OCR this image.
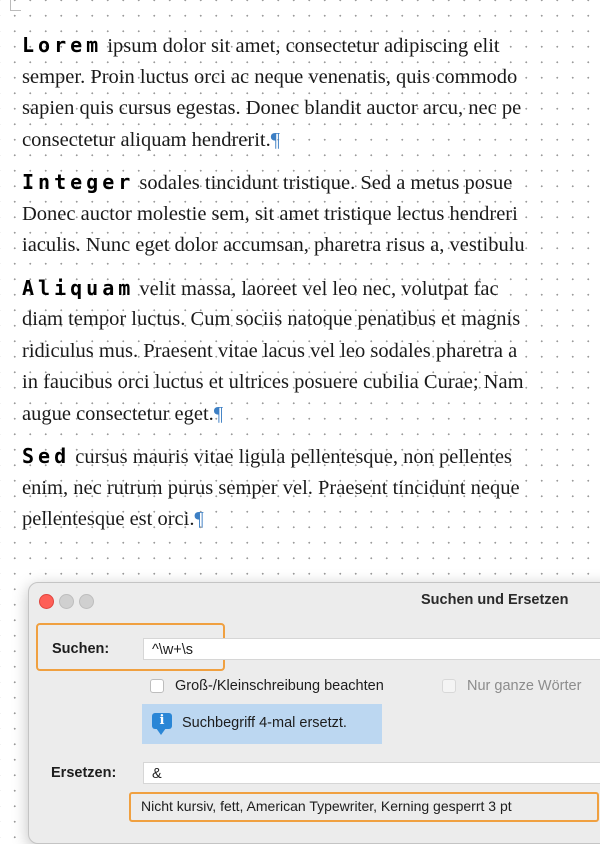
Lorem ipsum dolor sit amet, consectetur adipiscing elit
semper. Proin luctus orci ac neque venenatis, quis commodo
sapien quis cursus egestas. Donec blandit auctor arcu, nec pe
consectetur aliquam hendrerit.¶
Integer sodales tincidunt tristique. Sed a metus posue
Donec auctor molestie sem, sit amet tristique lectus hendreri
iaculis. Nunc eget dolor accumsan, pharetra risus a, vestibulu
Aliquam velit massa, laoreet vel leo nec, volutpat fac
diam tempor luctus. Cum sociis natoque penatibus et magnis
ridiculus mus. Praesent vitae lacus vel leo sodales pharetra a
in faucibus orci luctus et ultrices posuere cubilia Curae; Nam
augue consectetur eget.¶
Sed cursus mauris vitae ligula pellentesque, non pellentes
enim, nec rutrum purus semper vel. Praesent tincidunt neque
pellentesque est orci.¶
Suchen und Ersetzen
Suchen:	^\w+\s
Groß-/Kleinschreibung beachten	Nur ganze Wörter
i	Suchbegriff 4-mal ersetzt.
Ersetzen:	&
Nicht kursiv, fett, American Typewriter, Kerning gesperrt 3 pt
